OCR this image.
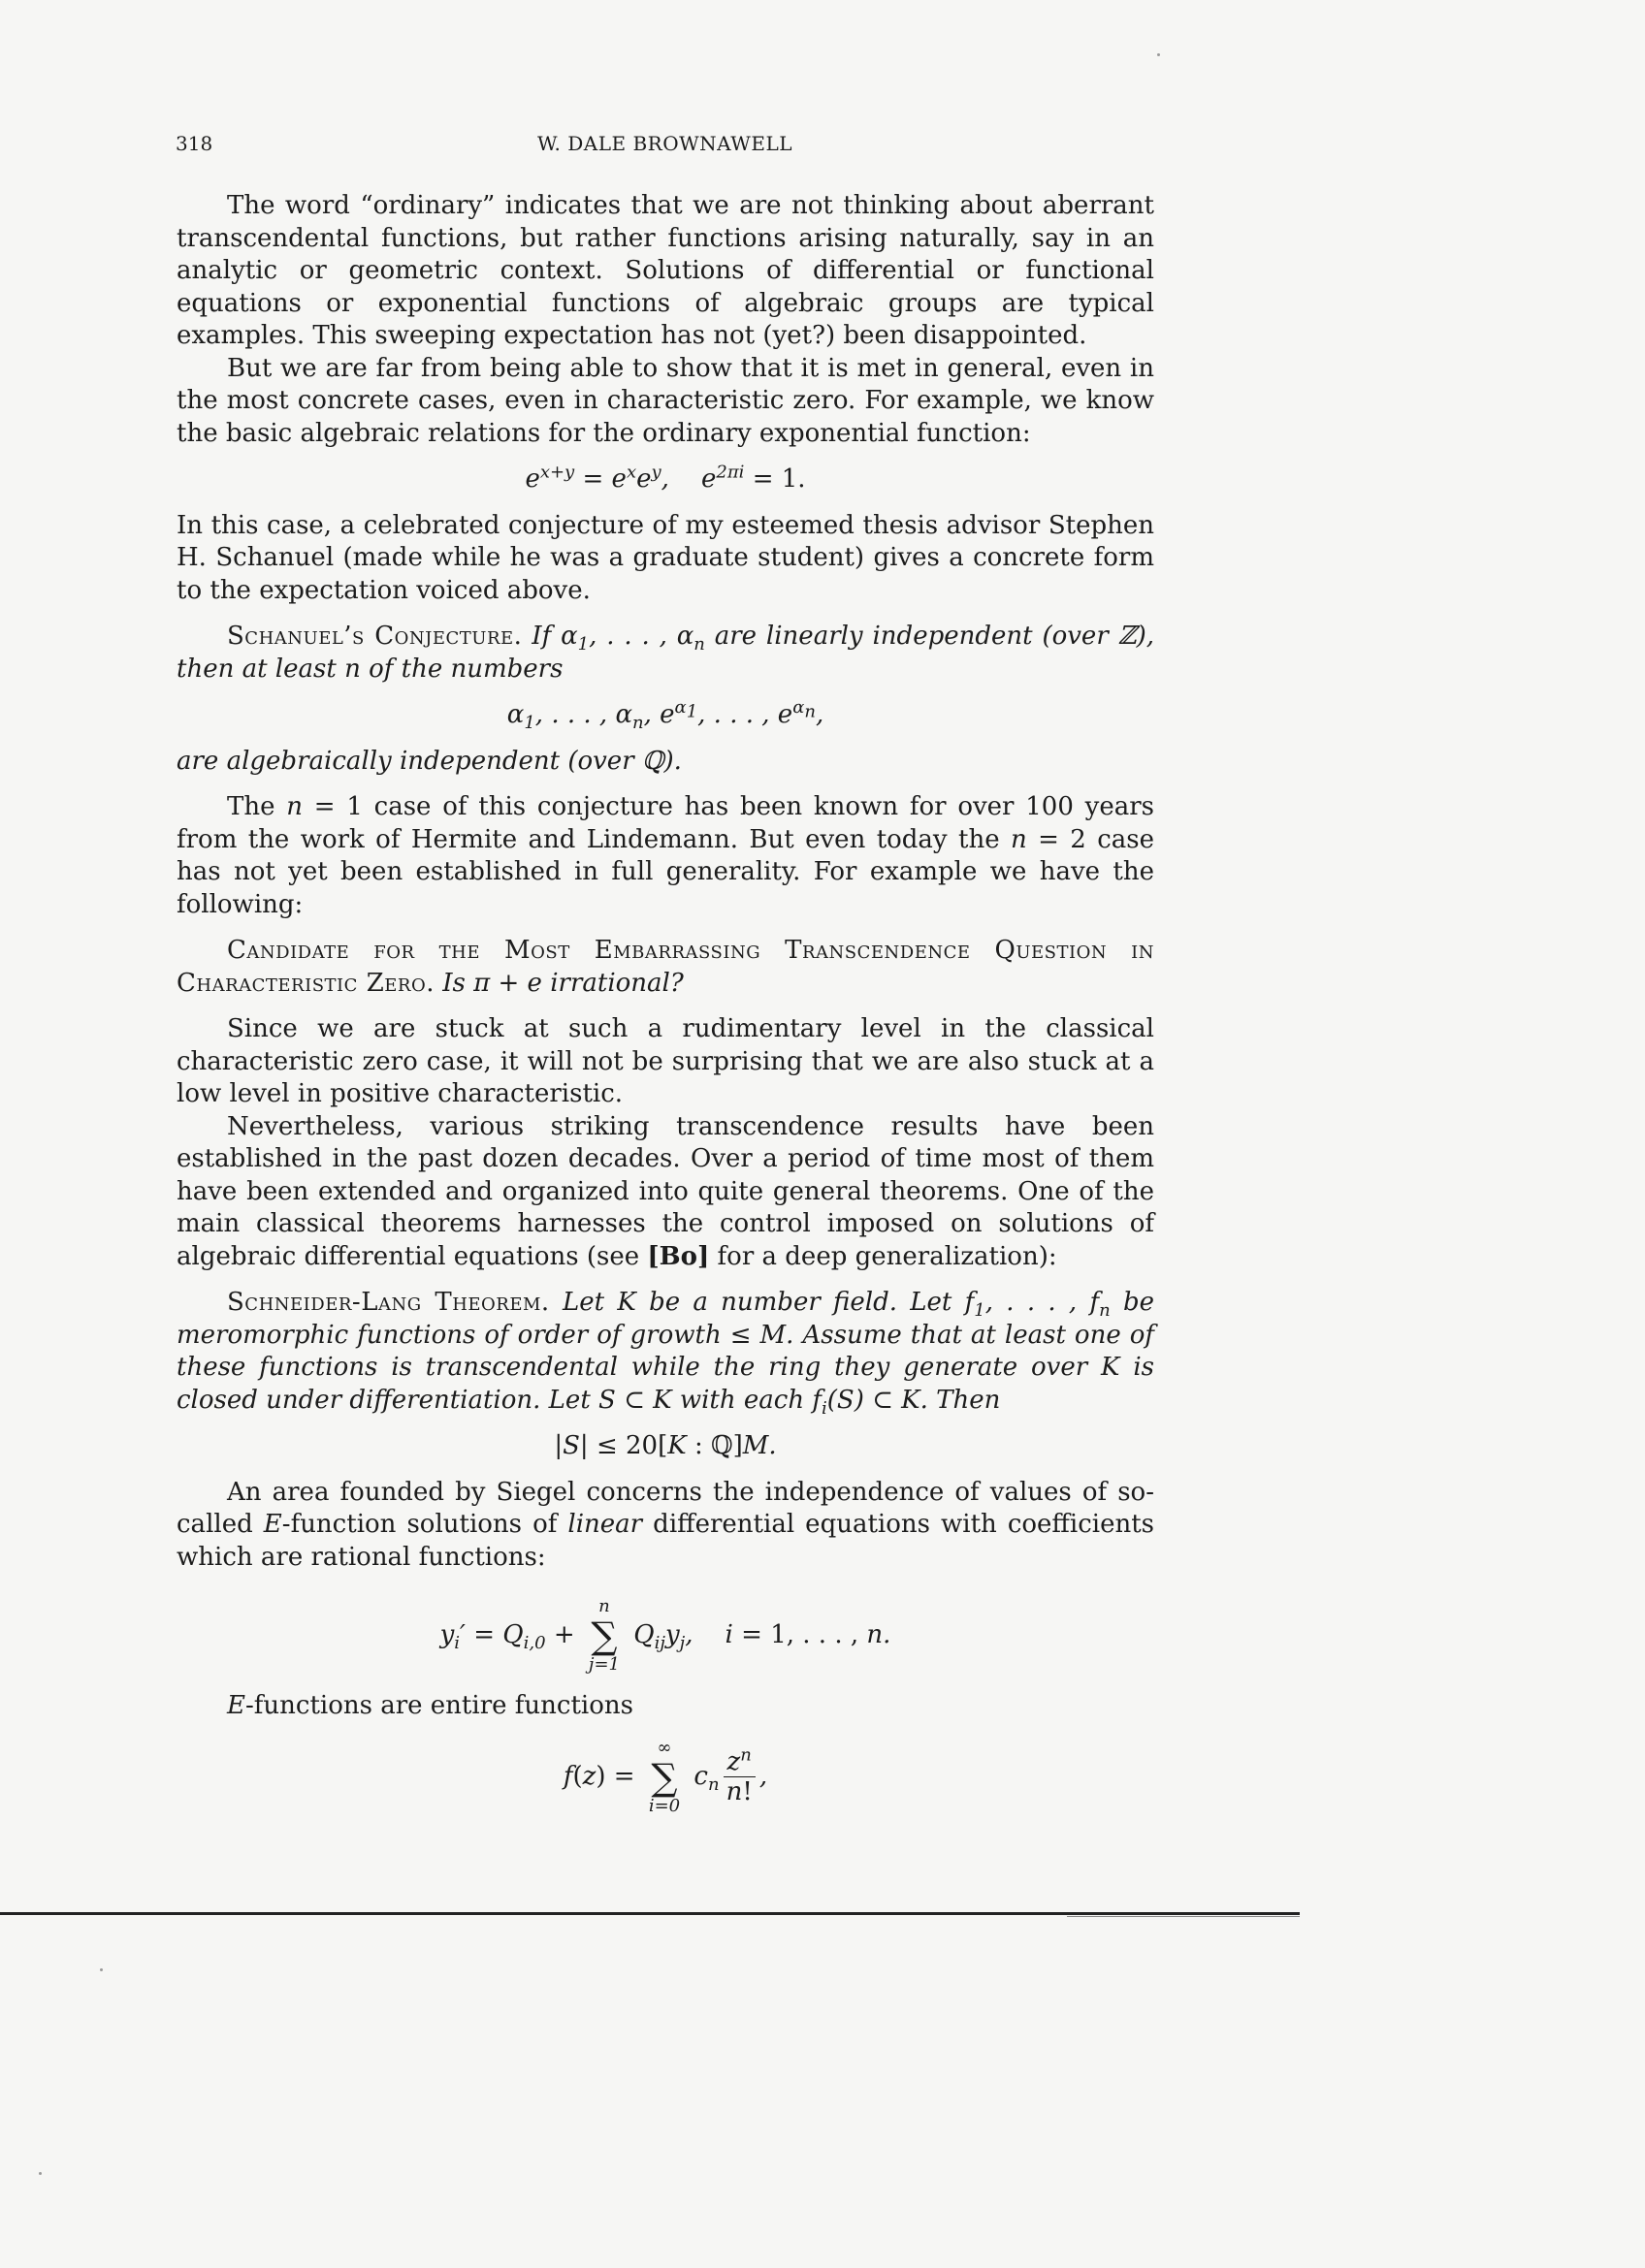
318	W. DALE BROWNAWELL

The word “ordinary” indicates that we are not thinking about aberrant transcendental functions, but rather functions arising naturally, say in an analytic or geometric context. Solutions of differential or functional equations or exponential functions of algebraic groups are typical examples. This sweeping expectation has not (yet?) been disappointed.

But we are far from being able to show that it is met in general, even in the most concrete cases, even in characteristic zero. For example, we know the basic algebraic relations for the ordinary exponential function:

$e^{x+y} = e^xe^y$,    $e^{2\pi i} = 1$.

In this case, a celebrated conjecture of my esteemed thesis advisor Stephen H. Schanuel (made while he was a graduate student) gives a concrete form to the expectation voiced above.

Schanuel’s Conjecture. If $\alpha_1$, . . . , $\alpha_n$ are linearly independent (over ℤ), then at least n of the numbers

$\alpha_1$, . . . , $\alpha_n$, $e^{\alpha_1}$, . . . , $e^{\alpha_n}$,

are algebraically independent (over ℚ).

The n = 1 case of this conjecture has been known for over 100 years from the work of Hermite and Lindemann. But even today the n = 2 case has not yet been established in full generality. For example we have the following:

Candidate for the Most Embarrassing Transcendence Question in Characteristic Zero. Is π + e irrational?

Since we are stuck at such a rudimentary level in the classical characteristic zero case, it will not be surprising that we are also stuck at a low level in positive characteristic.

Nevertheless, various striking transcendence results have been established in the past dozen decades. Over a period of time most of them have been extended and organized into quite general theorems. One of the main classical theorems harnesses the control imposed on solutions of algebraic differential equations (see [Bo] for a deep generalization):

Schneider-Lang Theorem. Let K be a number field. Let $f_1$, . . . , $f_n$ be meromorphic functions of order of growth ≤ M. Assume that at least one of these functions is transcendental while the ring they generate over K is closed under differentiation. Let S ⊂ K with each $f_i(S)$ ⊂ K. Then

|S| ≤ 20[K : ℚ]M.

An area founded by Siegel concerns the independence of values of so-called E-function solutions of linear differential equations with coefficients which are rational functions:

$y_i' = Q_{i,0} + n$
∑
j=1 $Q_{ij}y_j$,    i = 1, . . . , n.

E-functions are entire functions

f(z) = ∞
∑
i=0 $c_n \frac{z^n}{n!}$ ,
